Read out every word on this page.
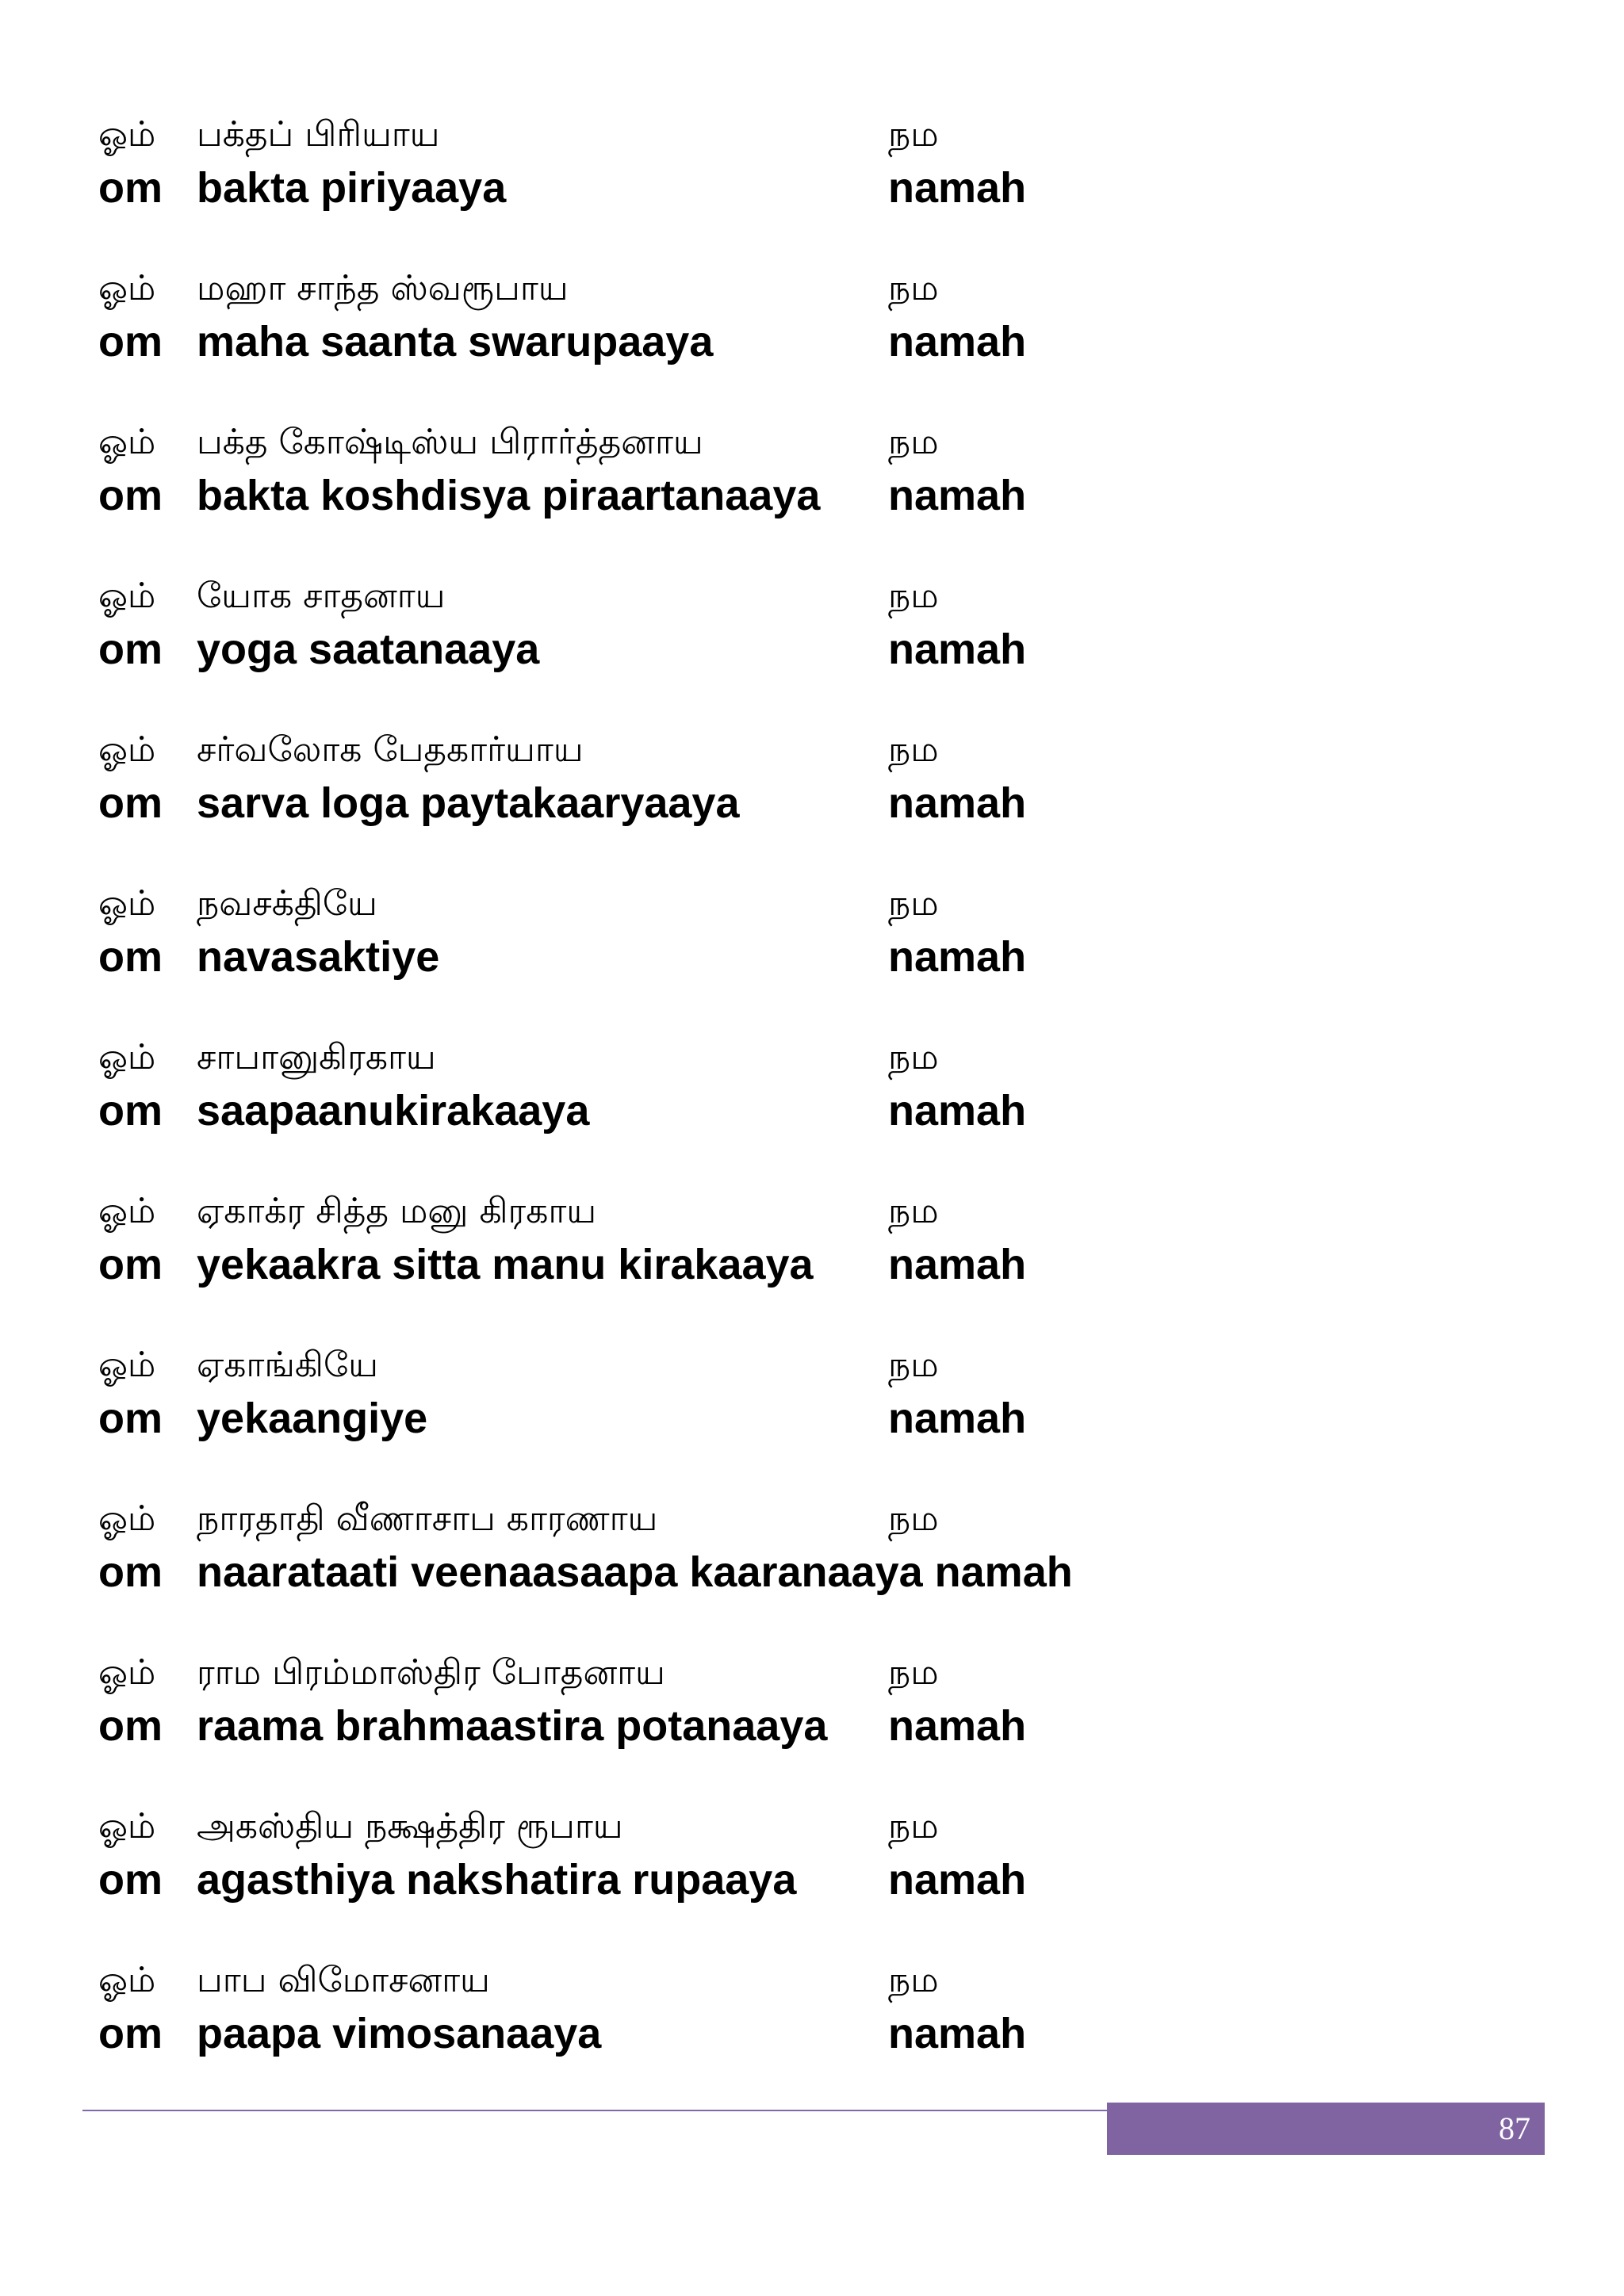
ஓம் பக்தப் பிரியாய	நம
om bakta piriyaaya	namah
ஓம் மஹா சாந்த ஸ்வரூபாய	நம
om maha saanta swarupaaya	namah
ஓம் பக்த கோஷ்டிஸ்ய பிரார்த்தனாய	நம
om bakta koshdisya piraartanaaya namah
ஓம் யோக சாதனாய	நம
om yoga saatanaaya	namah
ஓம் சர்வலோக பேதகார்யாய	நம
om sarva loga paytakaaryaaya	namah
ஓம் நவசக்தியே	நம
om navasaktiye	namah
ஓம் சாபானுகிரகாய	நம
om saapaanukirakaaya	namah
ஓம் ஏகாக்ர சித்த மனு கிரகாய	நம
om yekaakra sitta manu kirakaaya namah
ஓம் ஏகாங்கியே	நம
om yekaangiye	namah
ஓம் நாரதாதி வீணாசாப காரணாய	நம
om naarataati veenaasaapa kaaranaaya namah
ஓம் ராம பிரம்மாஸ்திர போதனாய	நம
om raama brahmaastira potanaaya namah
ஓம் அகஸ்திய நக்ஷத்திர ரூபாய	நம
om agasthiya nakshatira rupaaya namah
ஓம் பாப விமோசனாய	நம
om paapa vimosanaaya	namah
87
